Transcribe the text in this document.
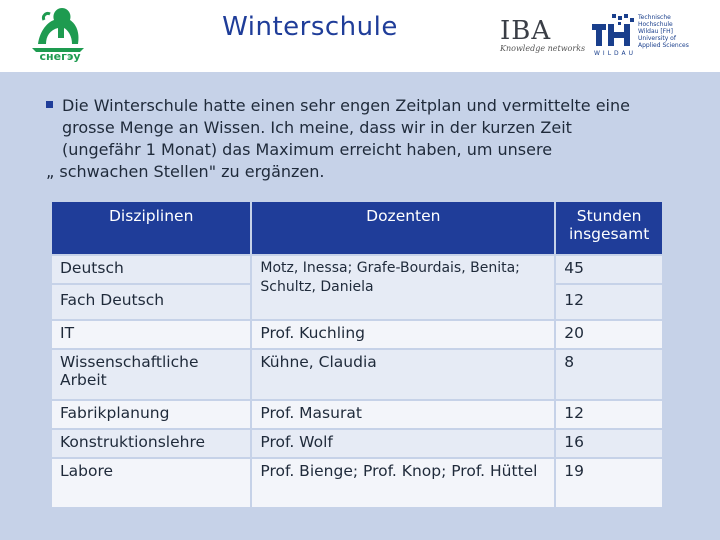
снегэу
Winterschule	IBA
Knowledge networks
Technische
Hochschule
Wildau [FH]
University of
Applied Sciences
WILDAU
Die Winterschule hatte einen sehr engen Zeitplan und vermittelte eine
grosse Menge an Wissen. Ich meine, dass wir in der kurzen Zeit
(ungefähr 1 Monat) das Maximum erreicht haben, um unsere
„ schwachen Stellen" zu ergänzen.
Disziplinen	Dozenten	Stunden insgesamt
Deutsch	Motz, Inessa; Grafe-Bourdais, Benita; Schultz, Daniela	45
Fach Deutsch		12
IT	Prof. Kuchling	20
Wissenschaftliche Arbeit	Kühne, Claudia	8
Fabrikplanung	Prof. Masurat	12
Konstruktionslehre	Prof. Wolf	16
Labore	Prof. Bienge; Prof. Knop; Prof. Hüttel	19
